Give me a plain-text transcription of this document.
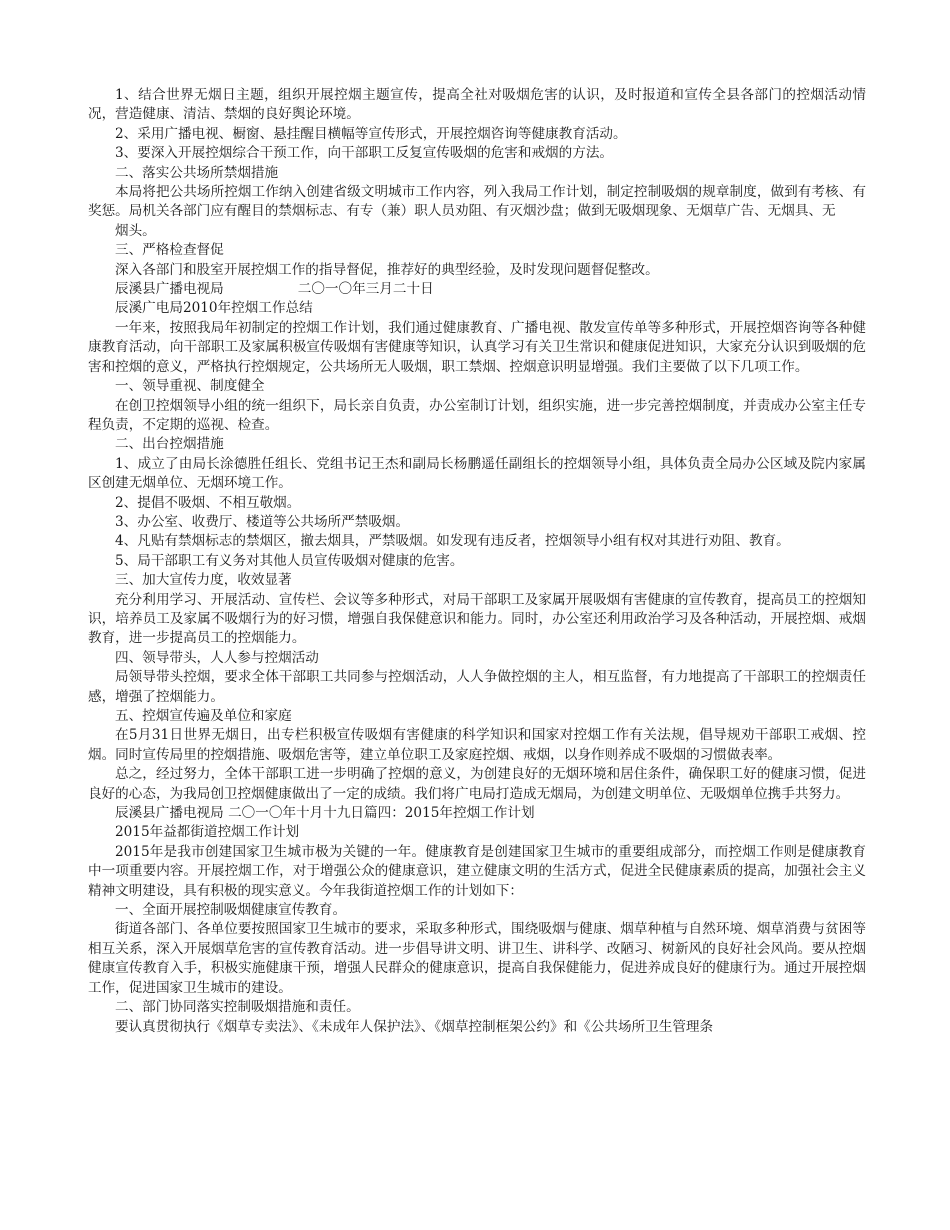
1、结合世界无烟日主题，组织开展控烟主题宣传，提高全社对吸烟危害的认识，及时报道和宣传全县各部门的控烟活动情况，营造健康、清洁、禁烟的良好舆论环境。

2、采用广播电视、橱窗、悬挂醒目横幅等宣传形式，开展控烟咨询等健康教育活动。

3、要深入开展控烟综合干预工作，向干部职工反复宣传吸烟的危害和戒烟的方法。

二、落实公共场所禁烟措施

本局将把公共场所控烟工作纳入创建省级文明城市工作内容，列入我局工作计划，制定控制吸烟的规章制度，做到有考核、有奖惩。局机关各部门应有醒目的禁烟标志、有专（兼）职人员劝阻、有灭烟沙盘；做到无吸烟现象、无烟草广告、无烟具、无

烟头。

三、严格检查督促

深入各部门和股室开展控烟工作的指导督促，推荐好的典型经验，及时发现问题督促整改。

辰溪县广播电视局	二〇一〇年三月二十日

辰溪广电局2010年控烟工作总结

一年来，按照我局年初制定的控烟工作计划，我们通过健康教育、广播电视、散发宣传单等多种形式，开展控烟咨询等各种健康教育活动，向干部职工及家属积极宣传吸烟有害健康等知识，认真学习有关卫生常识和健康促进知识，大家充分认识到吸烟的危害和控烟的意义，严格执行控烟规定，公共场所无人吸烟，职工禁烟、控烟意识明显增强。我们主要做了以下几项工作。

一、领导重视、制度健全

在创卫控烟领导小组的统一组织下，局长亲自负责，办公室制订计划，组织实施，进一步完善控烟制度，并责成办公室主任专程负责，不定期的巡视、检查。

二、出台控烟措施

1、成立了由局长涂德胜任组长、党组书记王杰和副局长杨鹏遥任副组长的控烟领导小组，具体负责全局办公区域及院内家属区创建无烟单位、无烟环境工作。

2、提倡不吸烟、不相互敬烟。

3、办公室、收费厅、楼道等公共场所严禁吸烟。

4、凡贴有禁烟标志的禁烟区，撤去烟具，严禁吸烟。如发现有违反者，控烟领导小组有权对其进行劝阻、教育。

5、局干部职工有义务对其他人员宣传吸烟对健康的危害。

三、加大宣传力度，收效显著

充分利用学习、开展活动、宣传栏、会议等多种形式，对局干部职工及家属开展吸烟有害健康的宣传教育，提高员工的控烟知识，培养员工及家属不吸烟行为的好习惯，增强自我保健意识和能力。同时，办公室还利用政治学习及各种活动，开展控烟、戒烟教育，进一步提高员工的控烟能力。

四、领导带头，人人参与控烟活动

局领导带头控烟，要求全体干部职工共同参与控烟活动，人人争做控烟的主人，相互监督，有力地提高了干部职工的控烟责任感，增强了控烟能力。

五、控烟宣传遍及单位和家庭

在5月31日世界无烟日，出专栏积极宣传吸烟有害健康的科学知识和国家对控烟工作有关法规，倡导规劝干部职工戒烟、控烟。同时宣传局里的控烟措施、吸烟危害等，建立单位职工及家庭控烟、戒烟，以身作则养成不吸烟的习惯做表率。

总之，经过努力，全体干部职工进一步明确了控烟的意义，为创建良好的无烟环境和居住条件，确保职工好的健康习惯，促进良好的心态，为我局创卫控烟健康做出了一定的成绩。我们将广电局打造成无烟局，为创建文明单位、无吸烟单位携手共努力。

辰溪县广播电视局 二〇一〇年十月十九日篇四：2015年控烟工作计划

2015年益都街道控烟工作计划

2015年是我市创建国家卫生城市极为关键的一年。健康教育是创建国家卫生城市的重要组成部分，而控烟工作则是健康教育中一项重要内容。开展控烟工作，对于增强公众的健康意识，建立健康文明的生活方式，促进全民健康素质的提高，加强社会主义精神文明建设，具有积极的现实意义。今年我街道控烟工作的计划如下：

一、全面开展控制吸烟健康宣传教育。

街道各部门、各单位要按照国家卫生城市的要求，采取多种形式，围绕吸烟与健康、烟草种植与自然环境、烟草消费与贫困等相互关系，深入开展烟草危害的宣传教育活动。进一步倡导讲文明、讲卫生、讲科学、改陋习、树新风的良好社会风尚。要从控烟健康宣传教育入手，积极实施健康干预，增强人民群众的健康意识，提高自我保健能力，促进养成良好的健康行为。通过开展控烟工作，促进国家卫生城市的建设。

二、部门协同落实控制吸烟措施和责任。

要认真贯彻执行《烟草专卖法》、《未成年人保护法》、《烟草控制框架公约》和《公共场所卫生管理条
